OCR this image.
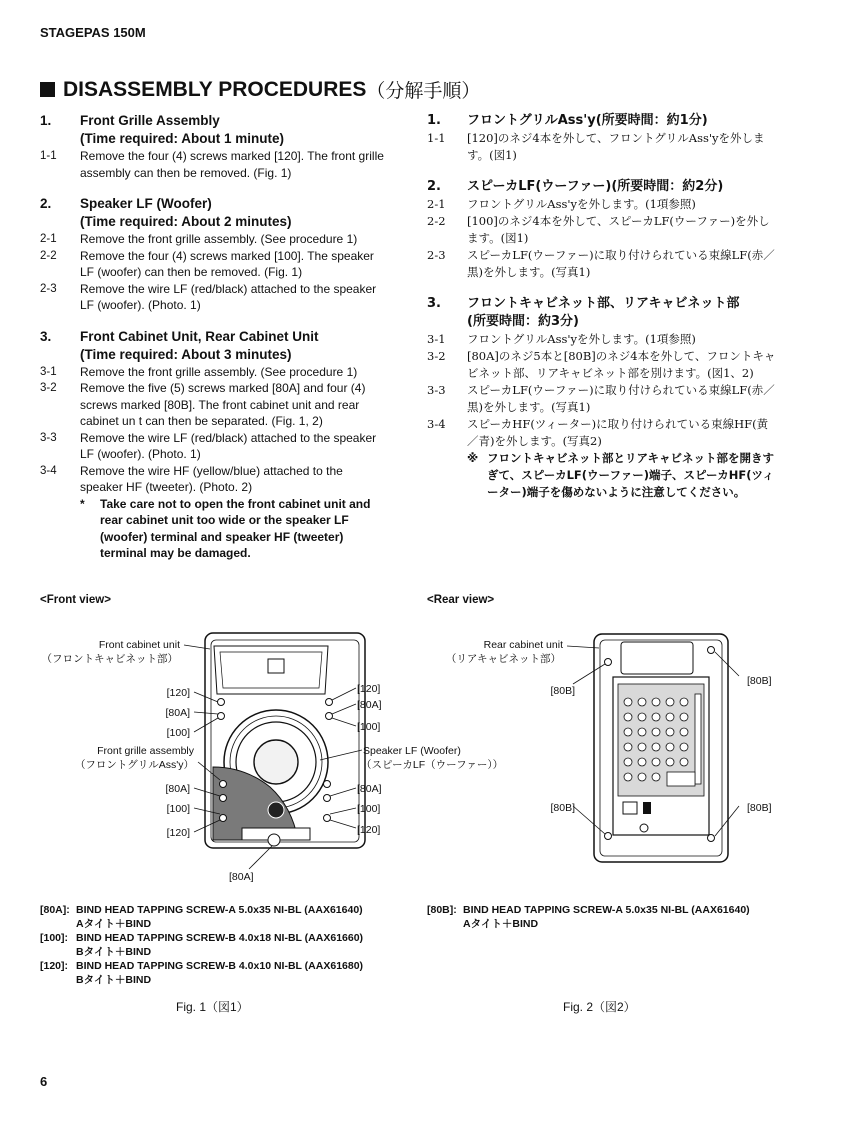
STAGEPAS 150M
DISASSEMBLY PROCEDURES （分解手順）
1.	Front Grille Assembly
(Time required: About 1 minute)
1-1	Remove the four (4) screws marked [120]. The front grille assembly can then be removed. (Fig. 1)
2.	Speaker LF (Woofer)
(Time required: About 2 minutes)
2-1	Remove the front grille assembly. (See procedure 1)
2-2	Remove the four (4) screws marked [100]. The speaker LF (woofer) can then be removed. (Fig. 1)
2-3	Remove the wire LF (red/black) attached to the speaker LF (woofer). (Photo. 1)
3.	Front Cabinet Unit, Rear Cabinet Unit
(Time required: About 3 minutes)
3-1	Remove the front grille assembly. (See procedure 1)
3-2	Remove the five (5) screws marked [80A] and four (4) screws marked [80B]. The front cabinet unit and rear cabinet un t can then be separated. (Fig. 1, 2)
3-3	Remove the wire LF (red/black) attached to the speaker LF (woofer). (Photo. 1)
3-4	Remove the wire HF (yellow/blue) attached to the speaker HF (tweeter). (Photo. 2)
*	Take care not to open the front cabinet unit and rear cabinet unit too wide or the speaker LF (woofer) terminal and speaker HF (tweeter) terminal may be damaged.
1.	フロントグリルAss'y(所要時間：約1分)
1-1	[120]のネジ4本を外して、フロントグリルAss'yを外します。(図1)
2.	スピーカLF(ウーファー)(所要時間：約2分)
2-1	フロントグリルAss'yを外します。(1項参照)
2-2	[100]のネジ4本を外して、スピーカLF(ウーファー)を外します。(図1)
2-3	スピーカLF(ウーファー)に取り付けられている束線LF(赤／黒)を外します。(写真1)
3.	フロントキャビネット部、リアキャビネット部
(所要時間：約3分)
3-1	フロントグリルAss'yを外します。(1項参照)
3-2	[80A]のネジ5本と[80B]のネジ4本を外して、フロントキャビネット部、リアキャビネット部を別けます。(図1、2)
3-3	スピーカLF(ウーファー)に取り付けられている束線LF(赤／黒)を外します。(写真1)
3-4	スピーカHF(ツィーター)に取り付けられている束線HF(黄／青)を外します。(写真2)
※ フロントキャビネット部とリアキャビネット部を開きすぎて、スピーカLF(ウーファー)端子、スピーカHF(ツィーター)端子を傷めないように注意してください。
<Front view>
Front cabinet unit
（フロントキャビネット部）
[120]
[80A]
[100]
Front grille assembly
（フロントグリルAss'y）
[80A]
[100]
[120]
[120]
[80A]
[100]
Speaker LF (Woofer)
（スピーカLF（ウーファー））
[80A]
[100]
[120]
[80A]
<Rear view>
Rear cabinet unit
（リアキャビネット部）
[80B]
[80B]
[80B]	[80B]
[80A]: BIND HEAD TAPPING SCREW-A 5.0x35 NI-BL (AAX61640)
Aタイト＋BIND
[100]: BIND HEAD TAPPING SCREW-B 4.0x18 NI-BL (AAX61660)
Bタイト＋BIND
[120]: BIND HEAD TAPPING SCREW-B 4.0x10 NI-BL (AAX61680)
Bタイト＋BIND
[80B]: BIND HEAD TAPPING SCREW-A 5.0x35 NI-BL (AAX61640)
Aタイト＋BIND
Fig. 1（図1）	Fig. 2（図2）
6
